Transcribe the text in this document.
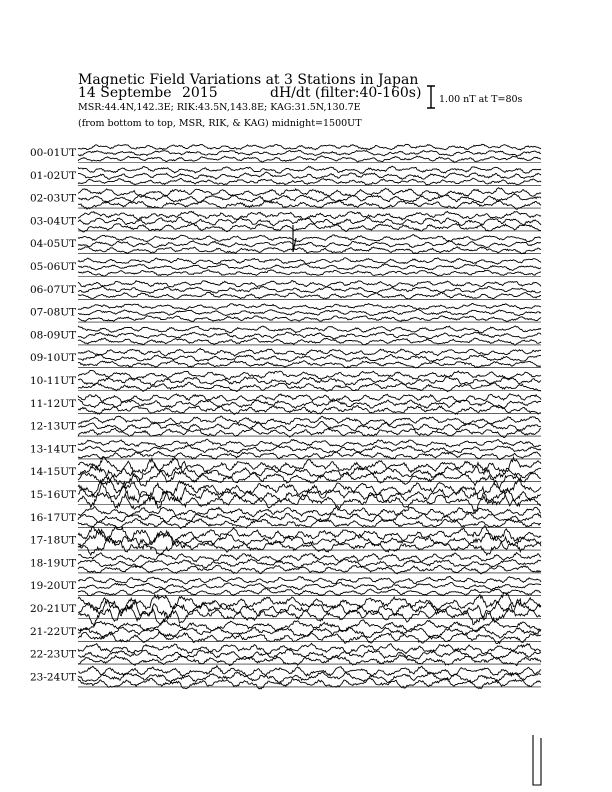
00-01UT
01-02UT
02-03UT
03-04UT
04-05UT
05-06UT
06-07UT
07-08UT
08-09UT
09-10UT
10-11UT
11-12UT
12-13UT
13-14UT
14-15UT
15-16UT
16-17UT
17-18UT
18-19UT
19-20UT
20-21UT
21-22UT
22-23UT
23-24UT
Magnetic Field Variations at 3 Stations in Japan
14 Septembe 2015	dH/dt (filter:40-160s)
MSR:44.4N,142.3E; RIK:43.5N,143.8E; KAG:31.5N,130.7E
(from bottom to top, MSR, RIK, & KAG) midnight=1500UT
1.00 nT at T=80s
